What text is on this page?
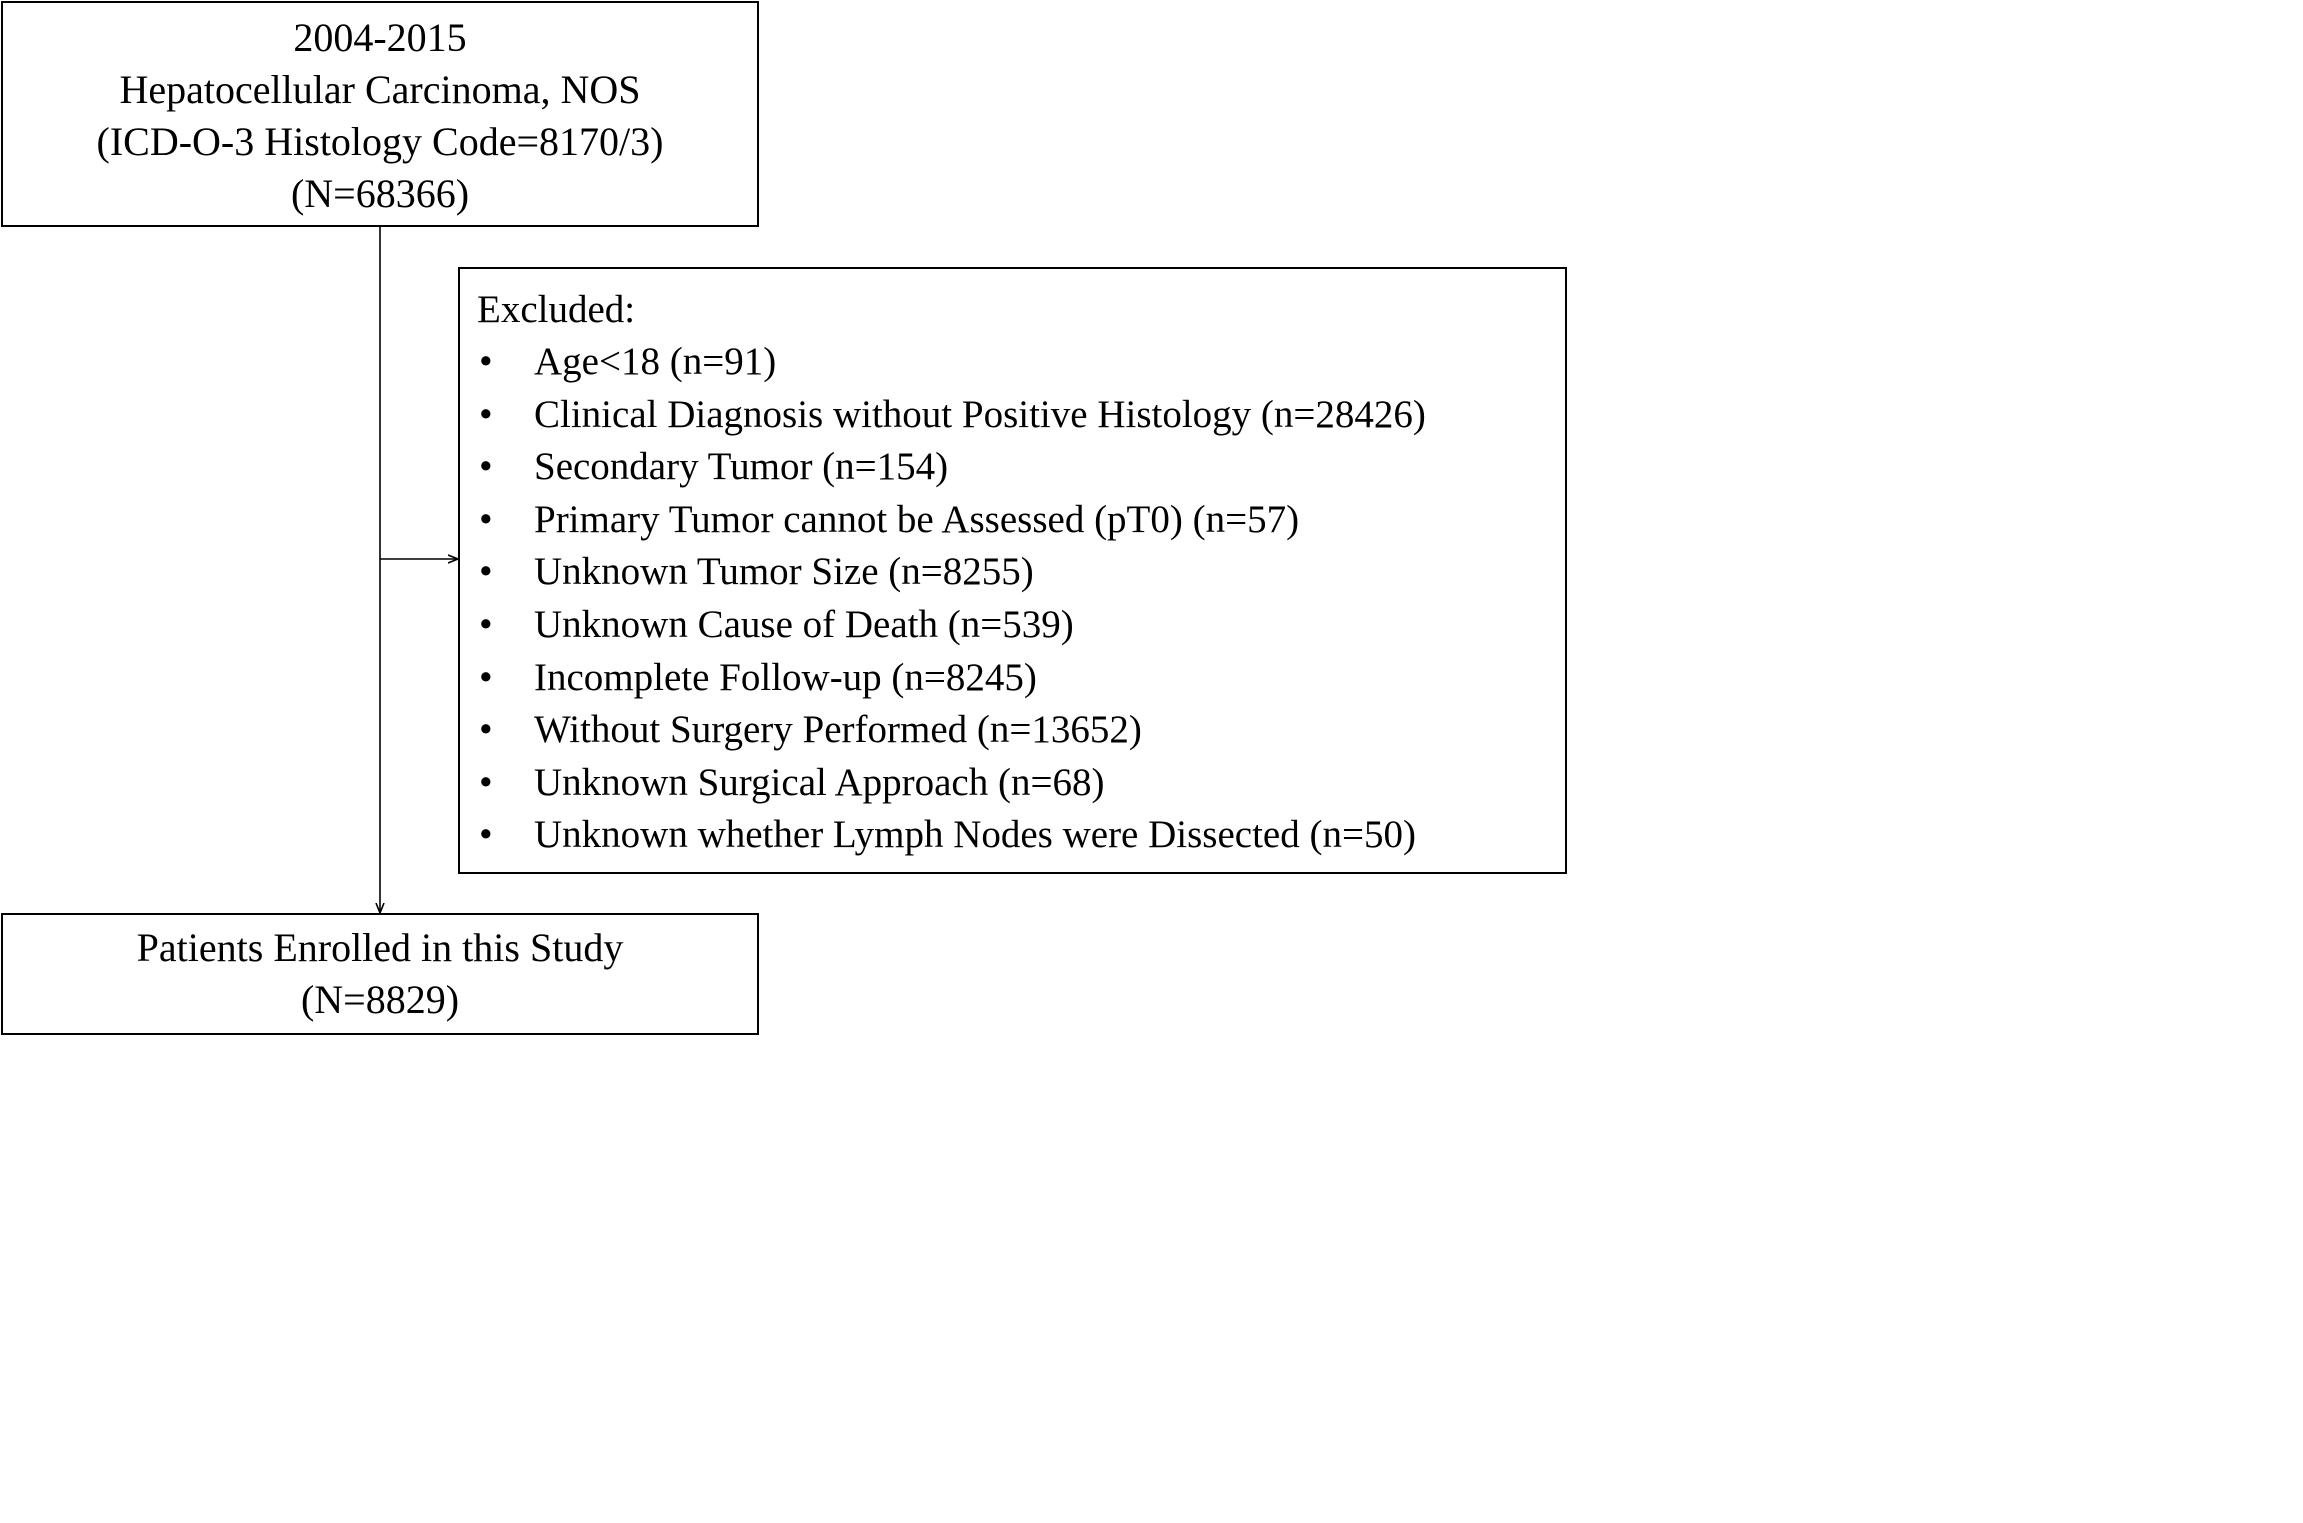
2004-2015
Hepatocellular Carcinoma, NOS
(ICD-O-3 Histology Code=8170/3)
(N=68366)
Excluded:
•	Age<18 (n=91)
•	Clinical Diagnosis without Positive Histology (n=28426)
•	Secondary Tumor (n=154)
•	Primary Tumor cannot be Assessed (pT0) (n=57)
•	Unknown Tumor Size (n=8255)
•	Unknown Cause of Death (n=539)
•	Incomplete Follow-up (n=8245)
•	Without Surgery Performed (n=13652)
•	Unknown Surgical Approach (n=68)
•	Unknown whether Lymph Nodes were Dissected (n=50)
Patients Enrolled in this Study
(N=8829)
